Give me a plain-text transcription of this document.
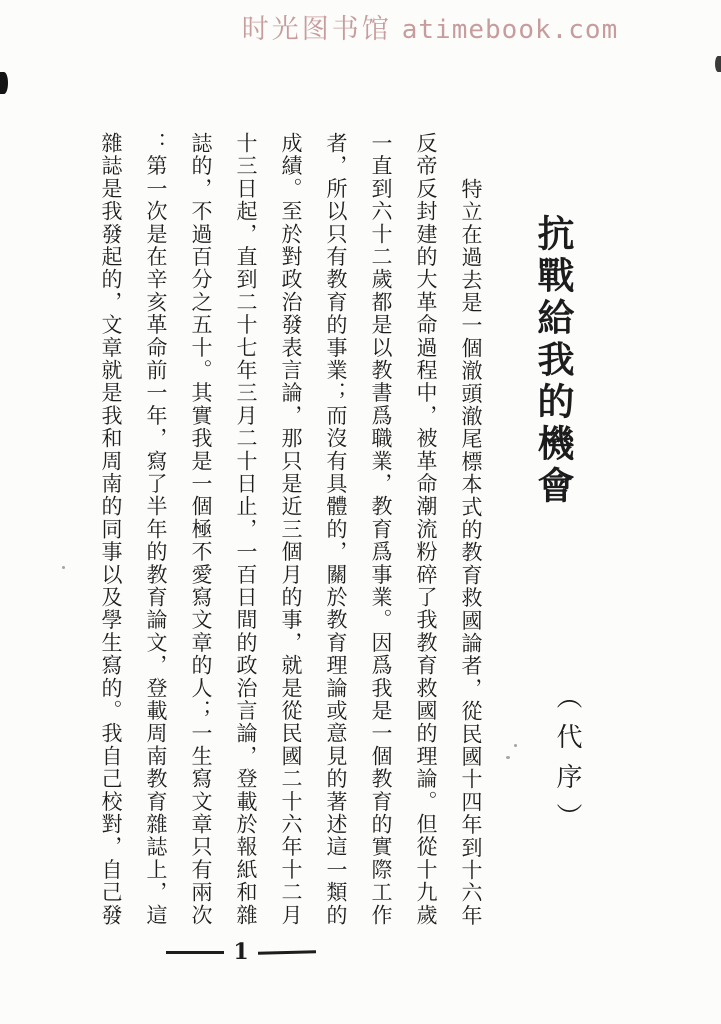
时光图书馆 atimebook.com
抗戰給我的機會
（代序）
特立在過去是一個澈頭澈尾標本式的教育救國論者，從民國十四年到十六年
反帝反封建的大革命過程中，被革命潮流粉碎了我教育救國的理論。但從十九歲
一直到六十二歲都是以教書爲職業，教育爲事業。因爲我是一個教育的實際工作
者，所以只有教育的事業；而沒有具體的，關於教育理論或意見的著述這一類的
成績。至於對政治發表言論，那只是近三個月的事，就是從民國二十六年十二月
十三日起，直到二十七年三月二十日止，一百日間的政治言論，登載於報紙和雜
誌的，不過百分之五十。其實我是一個極不愛寫文章的人；一生寫文章只有兩次
：第一次是在辛亥革命前一年，寫了半年的教育論文，登載周南教育雜誌上，這
雜誌是我發起的，文章就是我和周南的同事以及學生寫的。我自己校對，自己發
1
